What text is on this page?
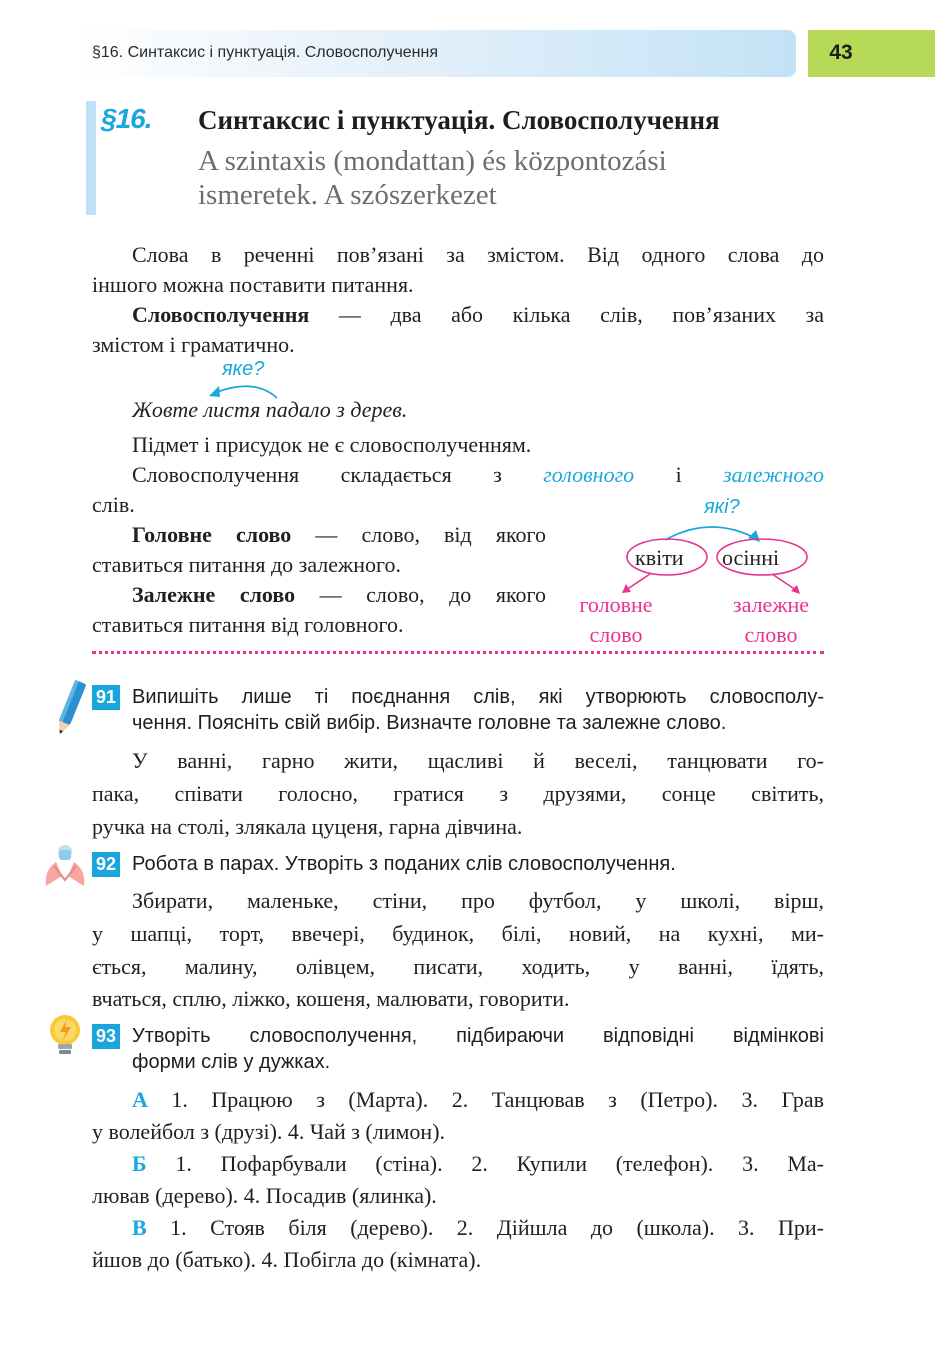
§16. Синтаксис і пунктуація. Словосполучення	43
§16. Синтаксис і пунктуація. Словосполучення
A szintaxis (mondattan) és központozási
ismeretek. A szószerkezet
Слова в реченні пов’язані за змістом. Від одного слова до
іншого можна поставити питання.
Словосполучення — два або кілька слів, пов’язаних за
змістом і граматично.
яке?
Жовте листя падало з дерев.
Підмет і присудок не є словосполученням.
Словосполучення складається з головного і залежного
слів.
Головне слово — слово, від якого
ставиться питання до залежного.
Залежне слово — слово, до якого
ставиться питання від головного.
які?
квіти осінні
головне
слово
залежне
слово
91 Випишіть лише ті поєднання слів, які утворюють словосполу-
чення. Поясніть свій вибір. Визначте головне та залежне слово.
У ванні, гарно жити, щасливі й веселі, танцювати го-
пака, співати голосно, гратися з друзями, сонце світить,
ручка на столі, злякала цуценя, гарна дівчина.
92 Робота в парах. Утворіть з поданих слів словосполучення.
Збирати, маленьке, стіни, про футбол, у школі, вірш,
у шапці, торт, ввечері, будинок, білі, новий, на кухні, ми-
ється, малину, олівцем, писати, ходить, у ванні, їдять,
вчаться, сплю, ліжко, кошеня, малювати, говорити.
93 Утворіть словосполучення, підбираючи відповідні відмінкові
форми слів у дужках.
А 1. Працюю з (Марта). 2. Танцював з (Петро). 3. Грав
у волейбол з (друзі). 4. Чай з (лимон).
Б 1. Пофарбували (стіна). 2. Купили (телефон). 3. Ма-
лював (дерево). 4. Посадив (ялинка).
В 1. Стояв біля (дерево). 2. Дійшла до (школа). 3. При-
йшов до (батько). 4. Побігла до (кімната).
